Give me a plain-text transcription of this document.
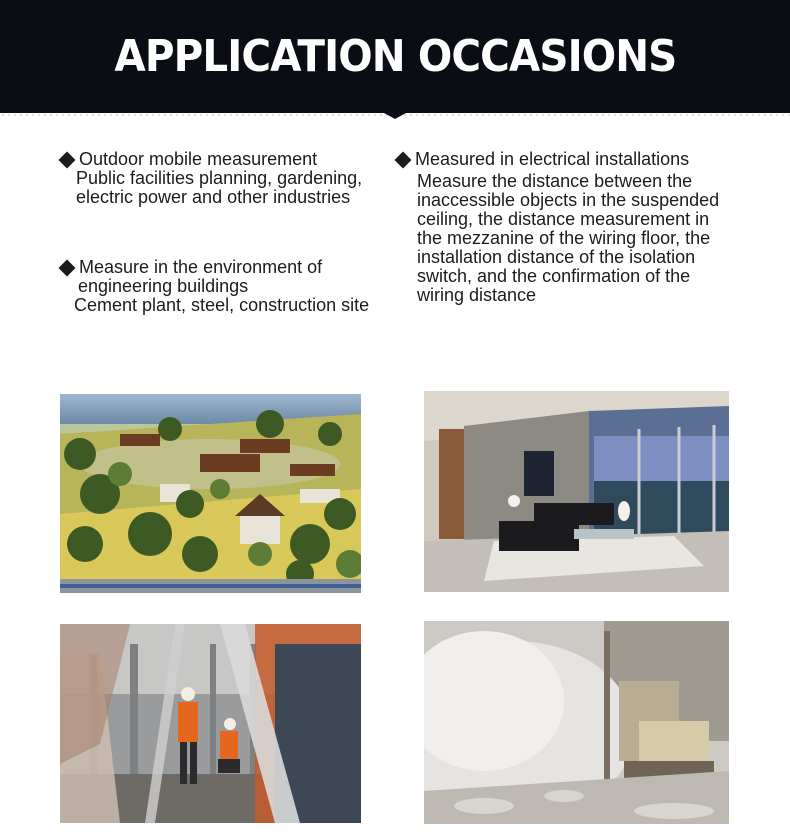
APPLICATION OCCASIONS
Outdoor mobile measurement
Public facilities planning, gardening,
electric power and other industries
Measure in the environment of
engineering buildings
Cement plant, steel, construction site
Measured in electrical installations
Measure the distance between the
inaccessible objects in the suspended
ceiling, the distance measurement in
the mezzanine of the wiring floor, the
installation distance of the isolation
switch, and the confirmation of the
wiring distance
